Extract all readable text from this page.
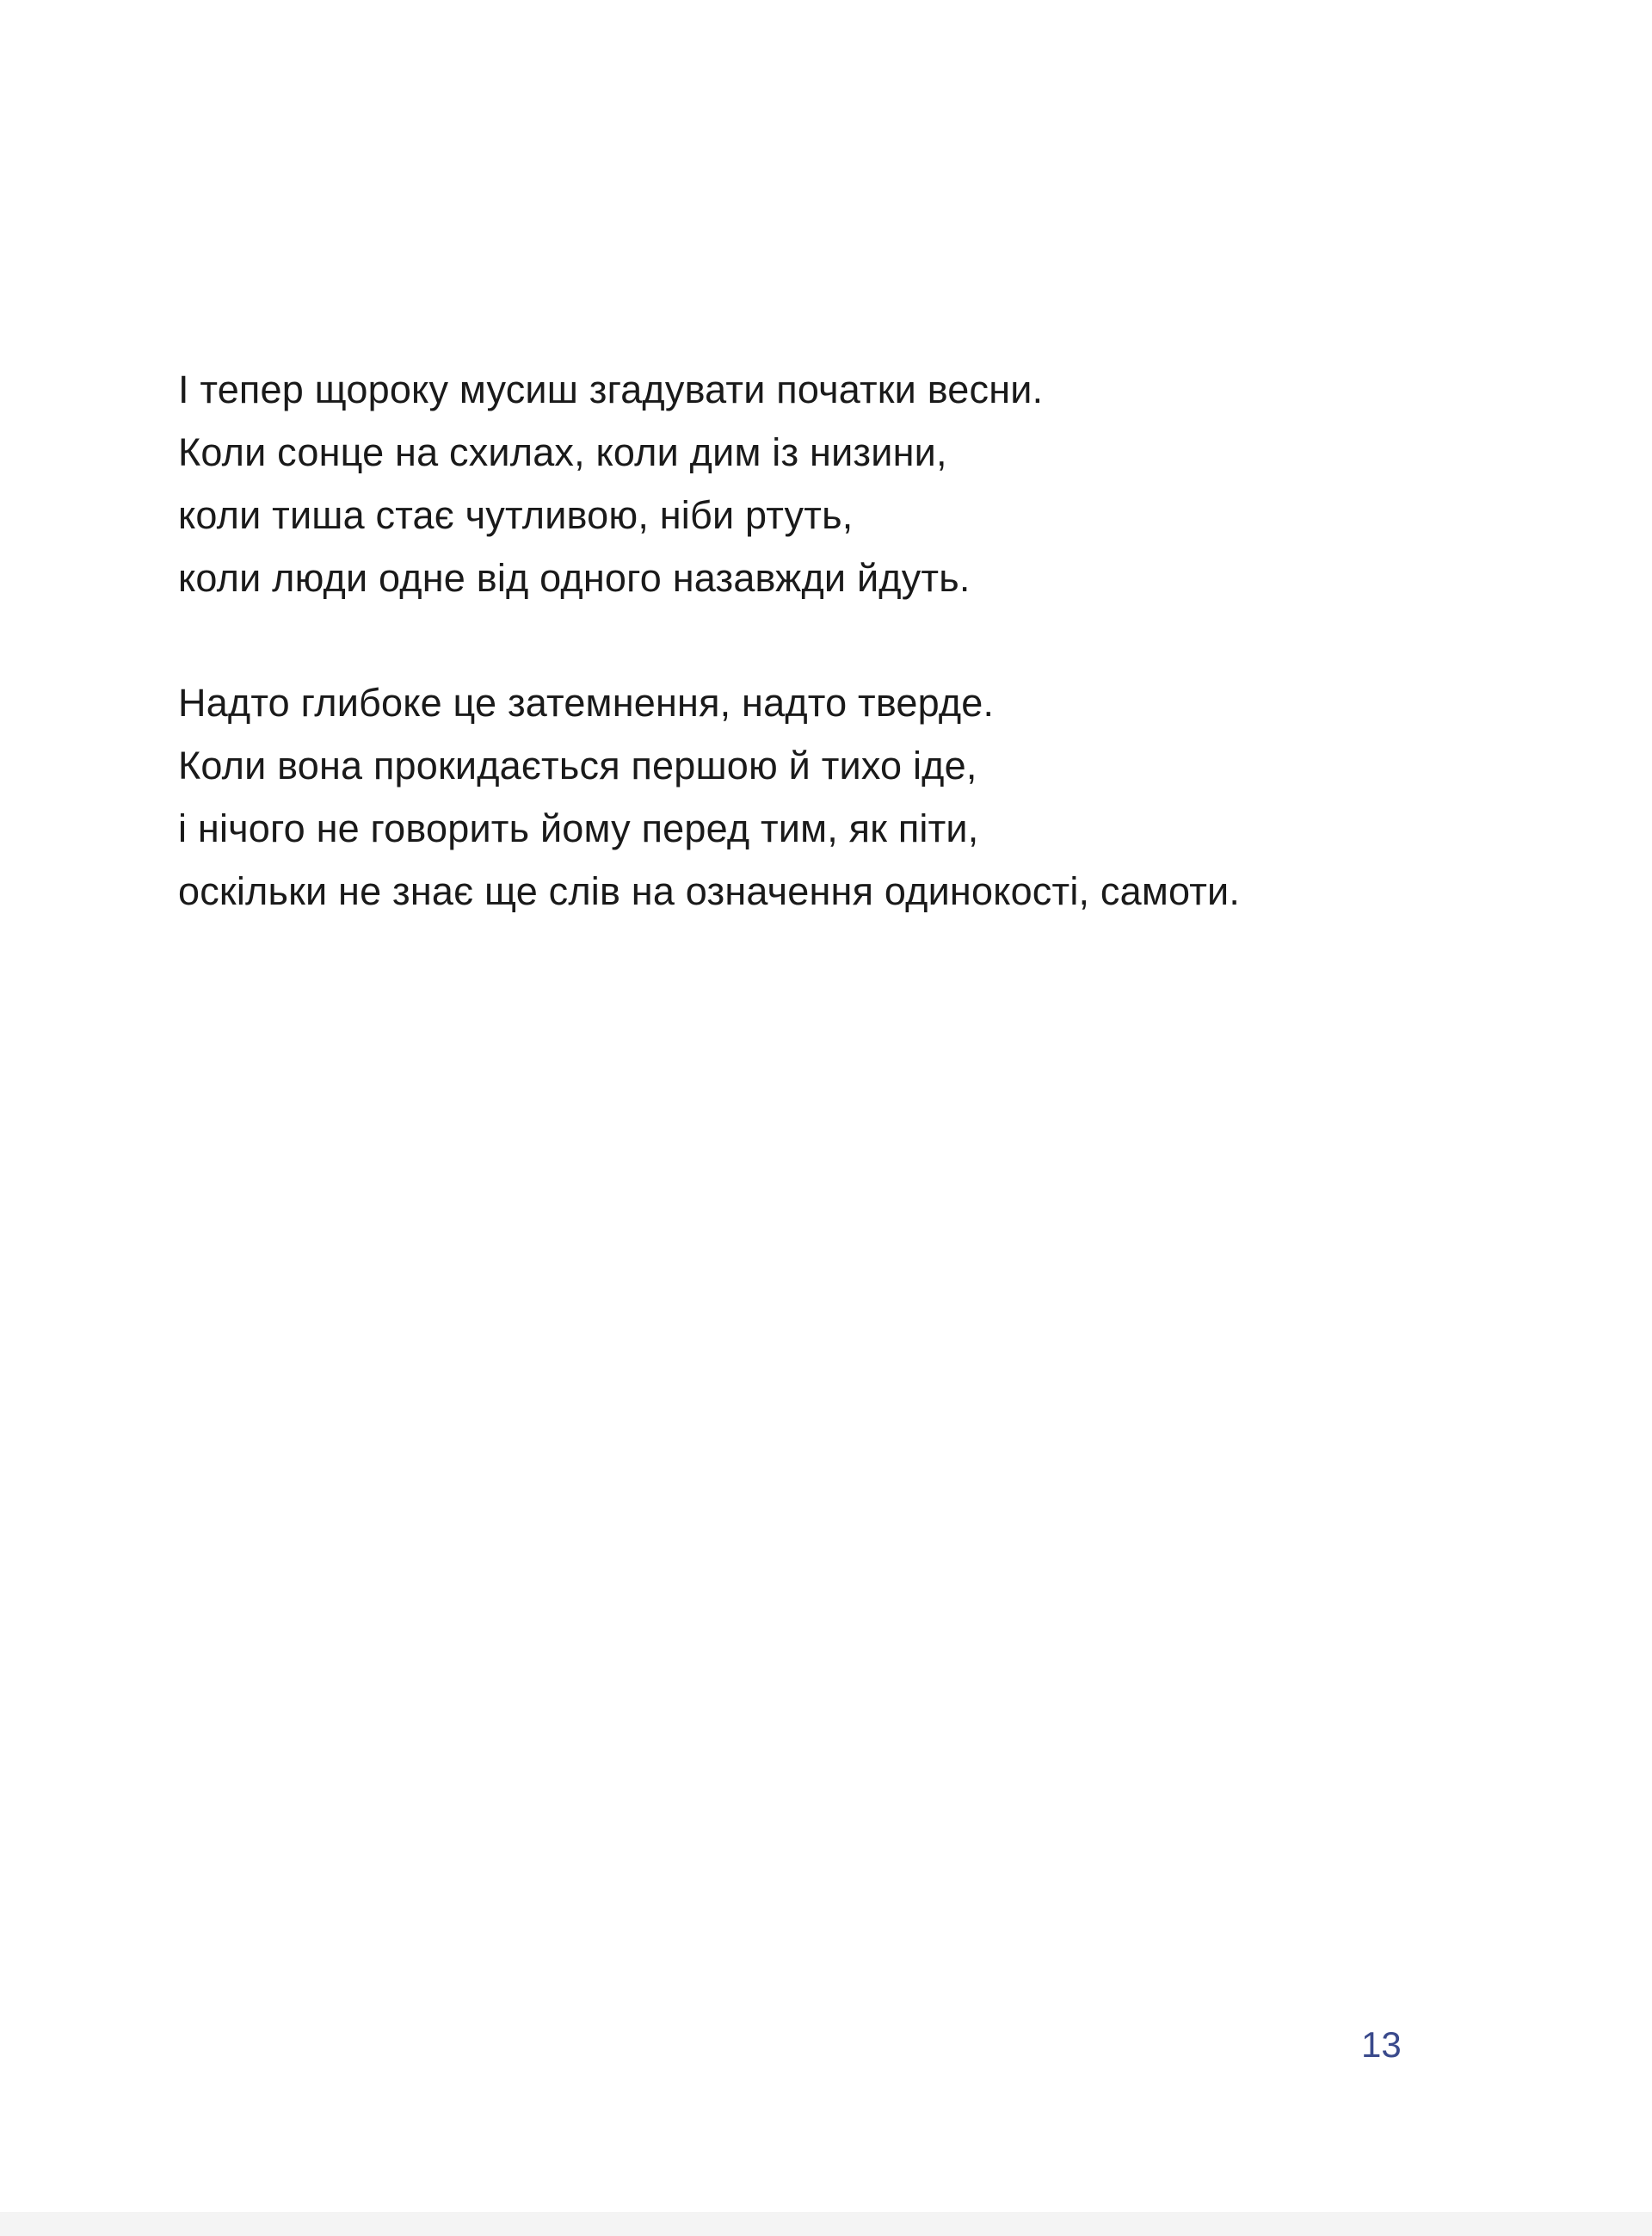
І тепер щороку мусиш згадувати початки весни.
Коли сонце на схилах, коли дим із низини,
коли тиша стає чутливою, ніби ртуть,
коли люди одне від одного назавжди йдуть.
Надто глибоке це затемнення, надто тверде.
Коли вона прокидається першою й тихо іде,
і нічого не говорить йому перед тим, як піти,
оскільки не знає ще слів на означення одинокості, самоти.
13
